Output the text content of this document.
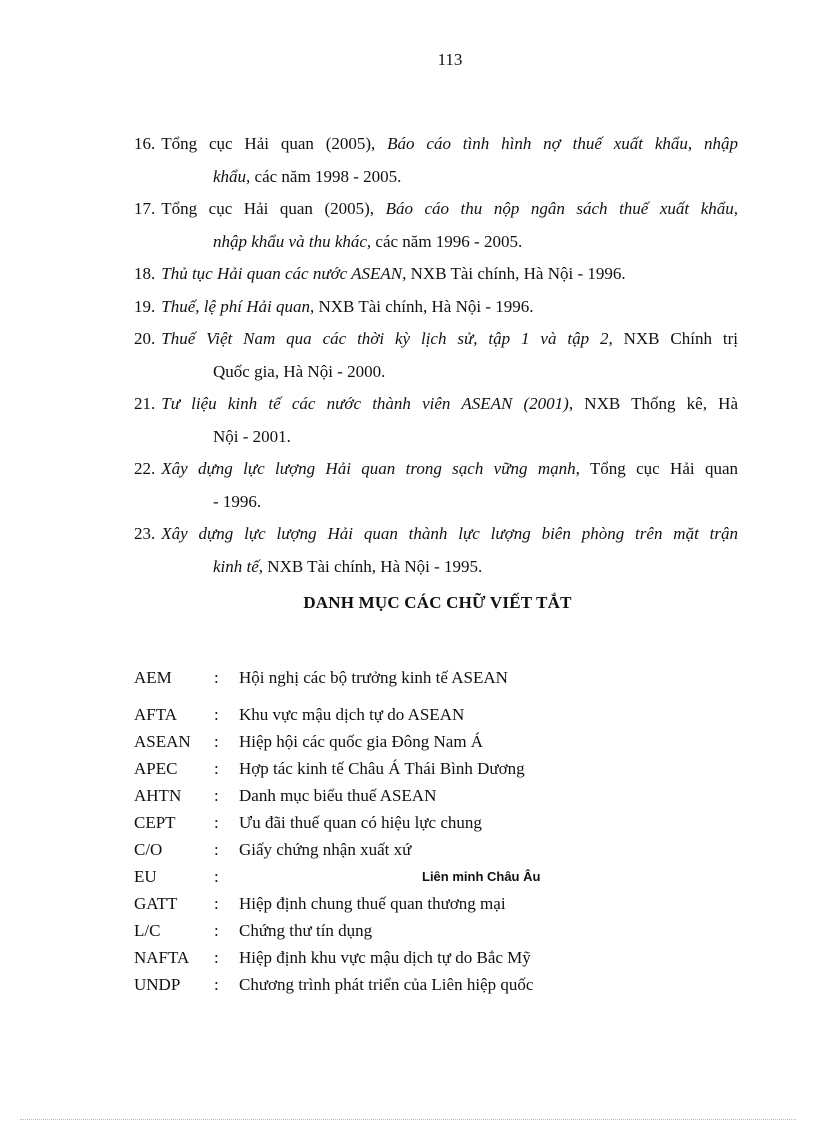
113
16. Tổng cục Hải quan (2005), Báo cáo tình hình nợ thuế xuất khẩu, nhập
khẩu, các năm 1998 - 2005.
17. Tổng cục Hải quan (2005), Báo cáo thu nộp ngân sách thuế xuất khẩu,
nhập khẩu và thu khác, các năm 1996 - 2005.
18. Thủ tục Hải quan các nước ASEAN, NXB Tài chính, Hà Nội - 1996.
19. Thuế, lệ phí Hải quan, NXB Tài chính, Hà Nội - 1996.
20. Thuế Việt Nam qua các thời kỳ lịch sử, tập 1 và tập 2, NXB Chính trị
Quốc gia, Hà Nội - 2000.
21. Tư liệu kinh tế các nước thành viên ASEAN (2001), NXB Thống kê, Hà
Nội - 2001.
22. Xây dựng lực lượng Hải quan trong sạch vững mạnh, Tổng cục Hải quan
- 1996.
23. Xây dựng lực lượng Hải quan thành lực lượng biên phòng trên mặt trận
kinh tế, NXB Tài chính, Hà Nội - 1995.
DANH MỤC CÁC CHỮ VIẾT TẮT
AEM : Hội nghị các bộ trưởng kinh tế ASEAN
AFTA : Khu vực mậu dịch tự do ASEAN
ASEAN : Hiệp hội các quốc gia Đông Nam Á
APEC : Hợp tác kinh tế Châu Á Thái Bình Dương
AHTN : Danh mục biểu thuế ASEAN
CEPT : Ưu đãi thuế quan có hiệu lực chung
C/O	: Giấy chứng nhận xuất xứ
EU	:	Liên minh Châu Âu
GATT : Hiệp định chung thuế quan thương mại
L/C	: Chứng thư tín dụng
NAFTA : Hiệp định khu vực mậu dịch tự do Bắc Mỹ
UNDP : Chương trình phát triển của Liên hiệp quốc
